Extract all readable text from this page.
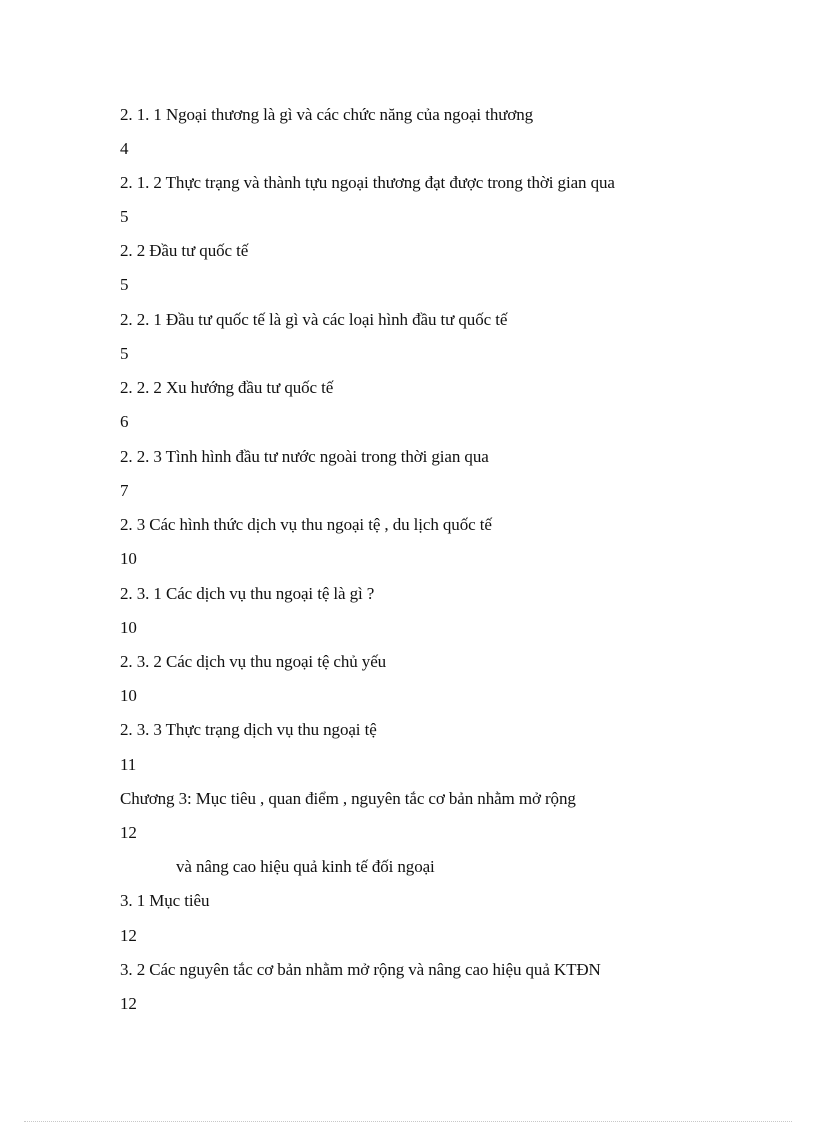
2. 1. 1 Ngoại thương là gì và các chức năng của ngoại thương
4
2. 1. 2 Thực trạng và thành tựu ngoại thương đạt được trong thời gian qua
5
2. 2 Đầu tư quốc tế
5
2. 2. 1 Đầu tư quốc tế là gì và các loại hình đầu tư quốc tế
5
2. 2. 2 Xu hướng đầu tư quốc tế
6
2. 2. 3 Tình hình đầu tư nước ngoài trong thời gian qua
7
2. 3 Các hình thức dịch vụ thu ngoại tệ , du lịch quốc tế
10
2. 3. 1 Các dịch vụ thu ngoại tệ là gì ?
10
2. 3. 2 Các dịch vụ thu ngoại tệ chủ yếu
10
2. 3. 3 Thực trạng dịch vụ thu ngoại tệ
11
Chương 3: Mục tiêu , quan điểm , nguyên tắc cơ bản nhằm mở rộng
12
và nâng cao hiệu quả kinh tế đối ngoại
3. 1 Mục tiêu
12
3. 2 Các nguyên tắc cơ bản nhằm mở rộng và nâng cao hiệu quả KTĐN
12
